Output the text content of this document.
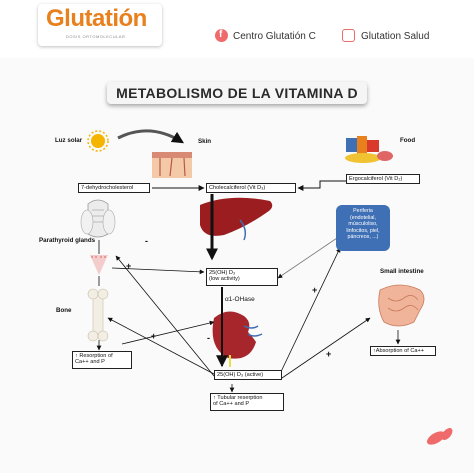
Glutatión
DOSIS ORTOMOLECULAR	f Centro Glutatión C	Glutation Salud
METABOLISMO DE LA VITAMINA D
Luz solar	Skin	Food
Parathyroid glands
Bone
Small intestine
α1-OHase
7-dehydrocholesterol	Cholecalciferol (Vit D₃)
Ergocalciferol (Vit D₂)
25(OH) D₃
(low activity)
25(OH) D₃ (active)
↑ Resorption of
Ca++ and P
↑ Tubular reserption
of Ca++ and P
↑Absorption of Ca++
Periferia
(endotelial,
músculoliso,
linfocitos, piel,
páncreos, ...)
+
-
+	-
+
+
